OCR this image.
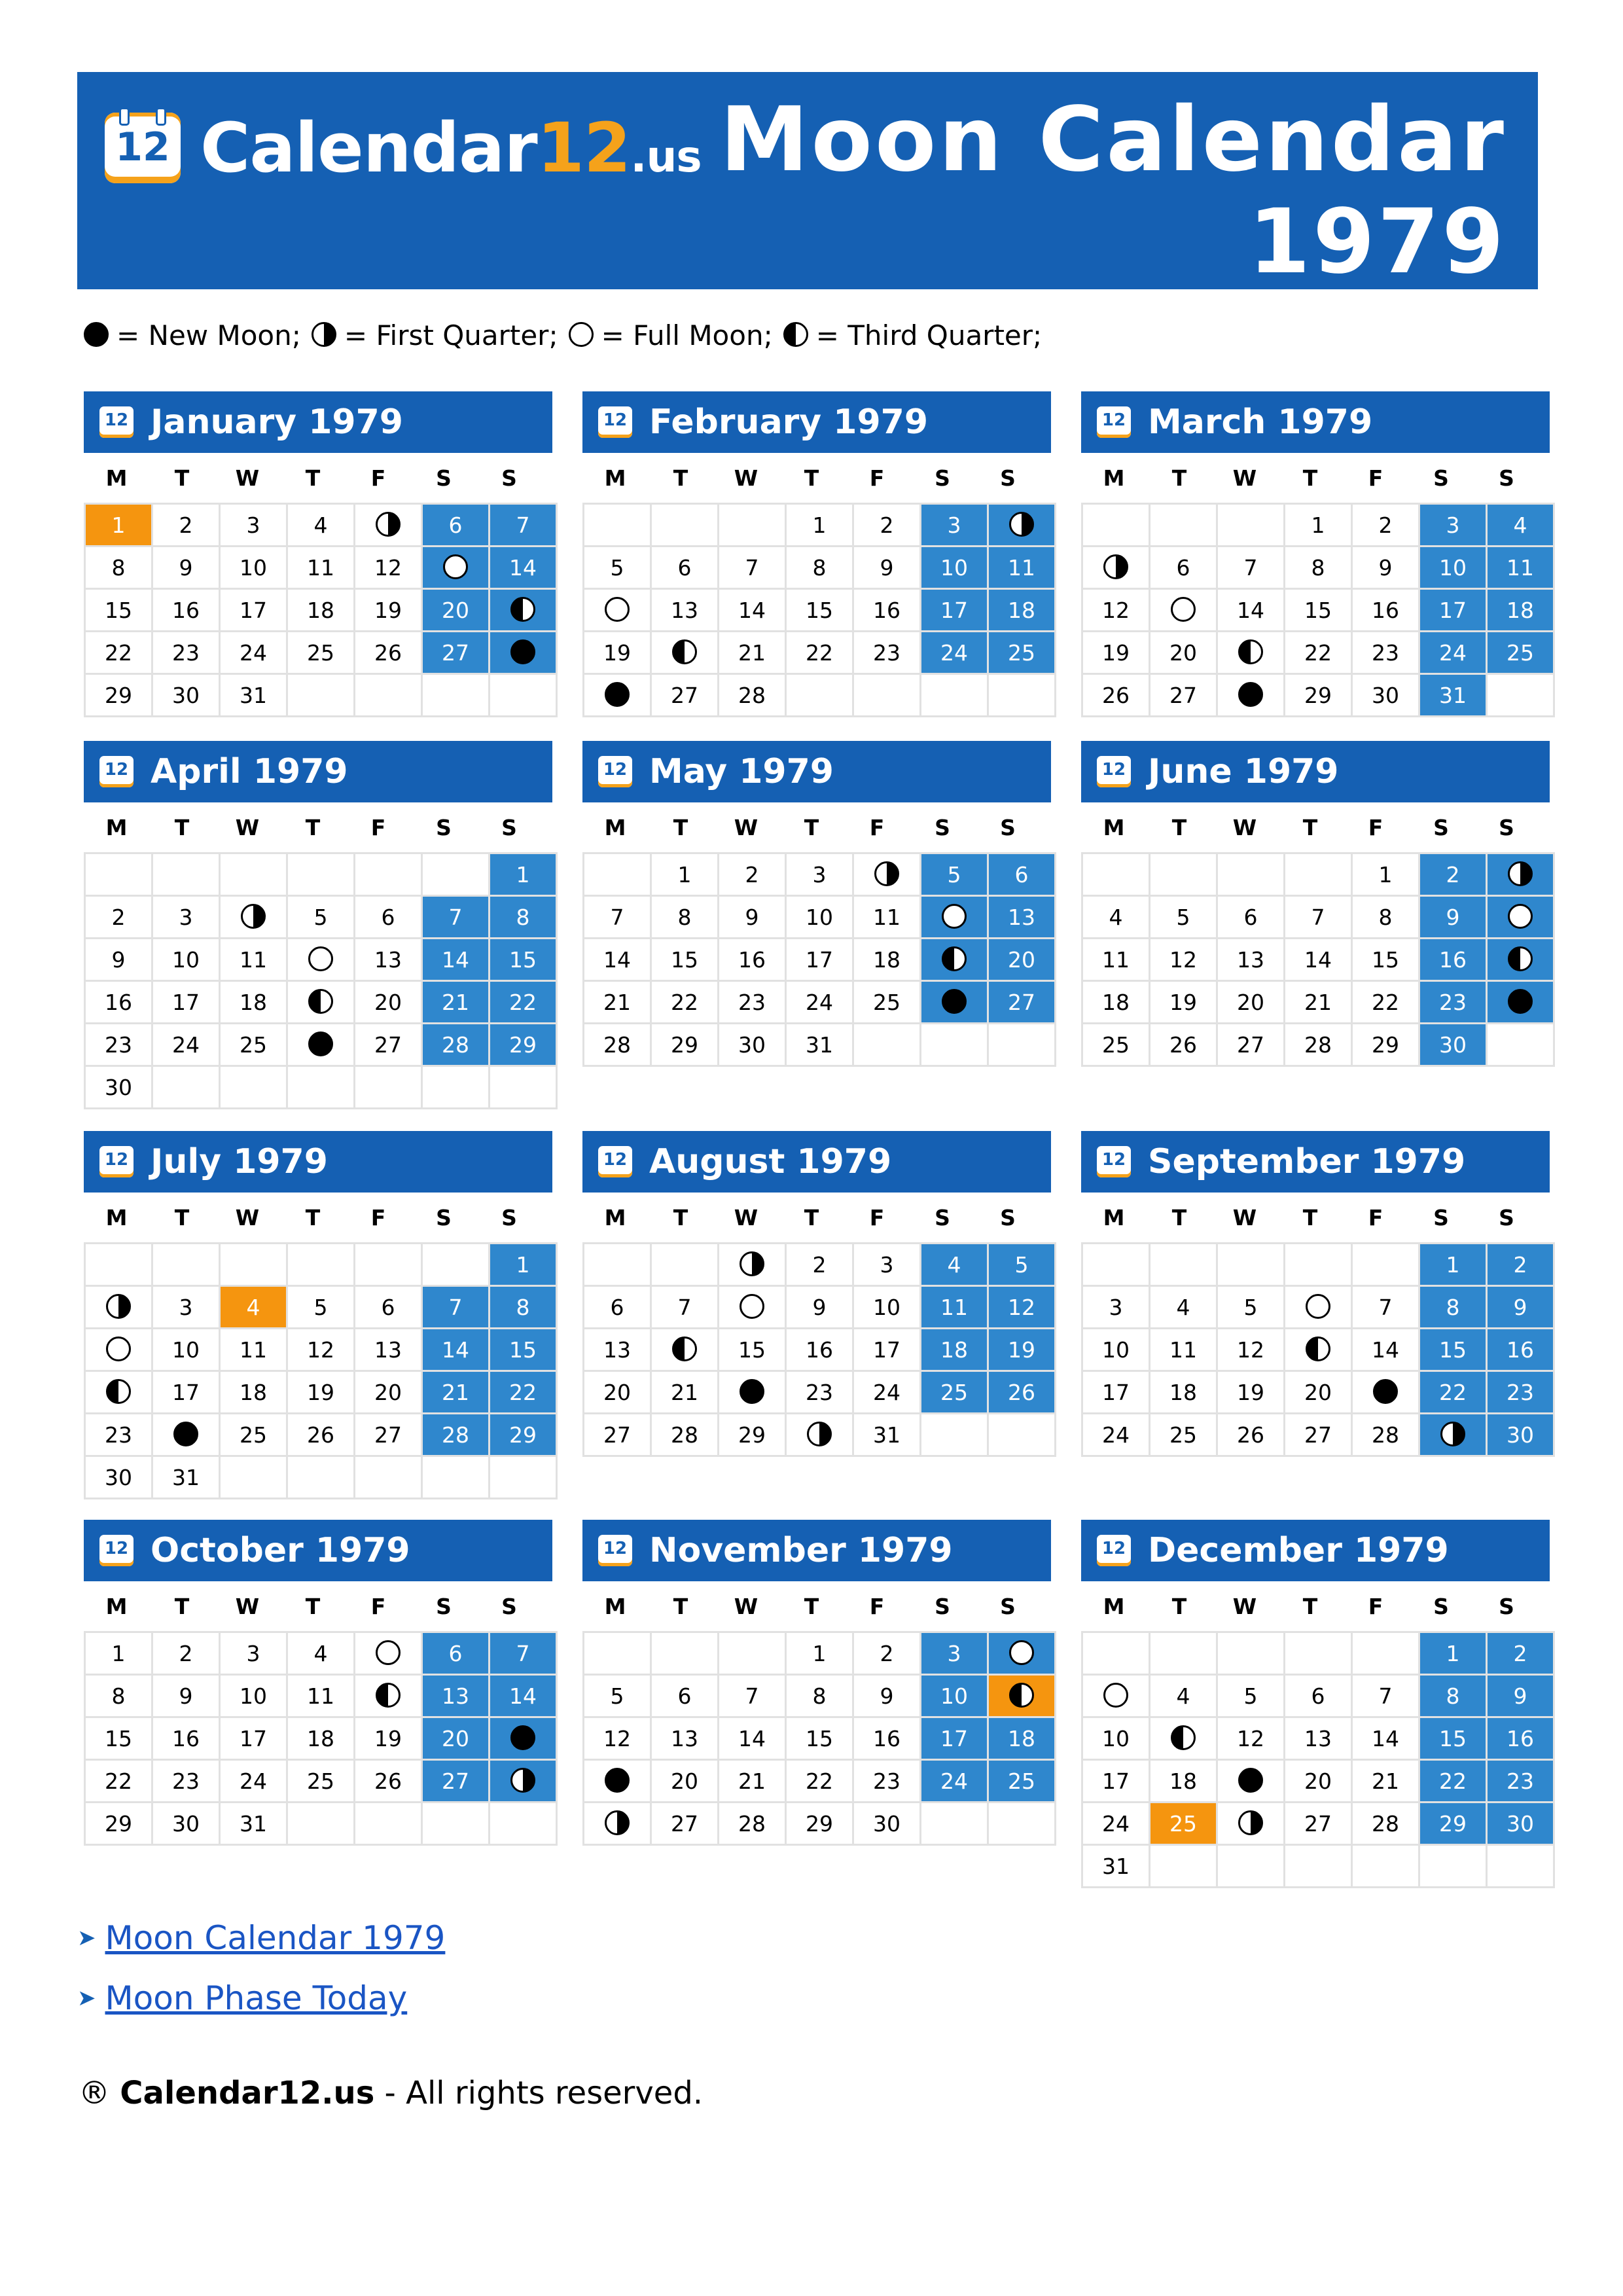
12 Calendar12.us Moon Calendar
1979
= New Moon; = First Quarter; = Full Moon; = Third Quarter;
12 January 1979
M	T	W	T	F	S	S
1	2	3	4		6	7
8	9	10	11	12		14
15	16	17	18	19	20	
22	23	24	25	26	27	
29	30	31				
12 February 1979
M	T	W	T	F	S	S
			1	2	3	
5	6	7	8	9	10	11
	13	14	15	16	17	18
19		21	22	23	24	25
	27	28				
12 March 1979
M	T	W	T	F	S	S
			1	2	3	4
	6	7	8	9	10	11
12		14	15	16	17	18
19	20		22	23	24	25
26	27		29	30	31	
12 April 1979
M	T	W	T	F	S	S
						1
2	3		5	6	7	8
9	10	11		13	14	15
16	17	18		20	21	22
23	24	25		27	28	29
30						
12 May 1979
M	T	W	T	F	S	S
	1	2	3		5	6
7	8	9	10	11		13
14	15	16	17	18		20
21	22	23	24	25		27
28	29	30	31			
12 June 1979
M	T	W	T	F	S	S
				1	2	
4	5	6	7	8	9	
11	12	13	14	15	16	
18	19	20	21	22	23	
25	26	27	28	29	30	
12 July 1979
M	T	W	T	F	S	S
						1
	3	4	5	6	7	8
	10	11	12	13	14	15
	17	18	19	20	21	22
23		25	26	27	28	29
30	31					
12 August 1979
M	T	W	T	F	S	S
			2	3	4	5
6	7		9	10	11	12
13		15	16	17	18	19
20	21		23	24	25	26
27	28	29		31		
12 September 1979
M	T	W	T	F	S	S
					1	2
3	4	5		7	8	9
10	11	12		14	15	16
17	18	19	20		22	23
24	25	26	27	28		30
12 October 1979
M	T	W	T	F	S	S
1	2	3	4		6	7
8	9	10	11		13	14
15	16	17	18	19	20	
22	23	24	25	26	27	
29	30	31				
12 November 1979
M	T	W	T	F	S	S
			1	2	3	
5	6	7	8	9	10	
12	13	14	15	16	17	18
	20	21	22	23	24	25
	27	28	29	30		
12 December 1979
M	T	W	T	F	S	S
					1	2
	4	5	6	7	8	9
10		12	13	14	15	16
17	18		20	21	22	23
24	25		27	28	29	30
31						
➤ Moon Calendar 1979
➤ Moon Phase Today
® Calendar12.us - All rights reserved.
